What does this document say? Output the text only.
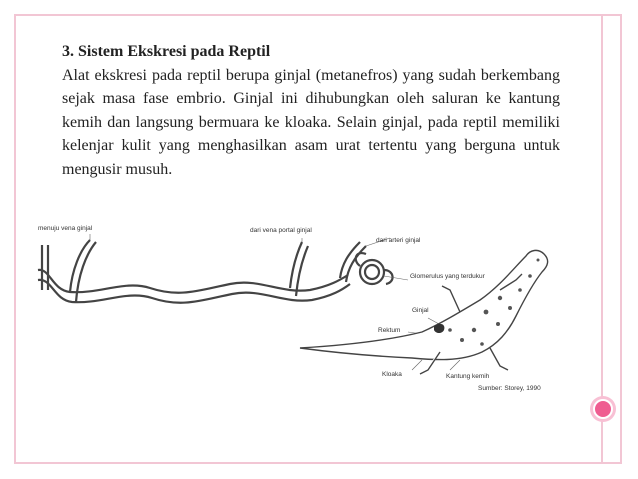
3. Sistem Ekskresi pada Reptil

Alat ekskresi pada reptil berupa ginjal (metanefros) yang sudah berkembang sejak masa fase embrio. Ginjal ini dihubungkan oleh saluran ke kantung kemih dan langsung bermuara ke kloaka. Selain ginjal, pada reptil memiliki kelenjar kulit yang menghasilkan asam urat tertentu yang berguna untuk mengusir musuh.

menuju vena ginjal	dari vena portal ginjal
dari arteri ginjal
Glomerulus yang terdukur
Ginjal
Rektum
Kloaka	Kantung kemih
Sumber: Storey, 1990
